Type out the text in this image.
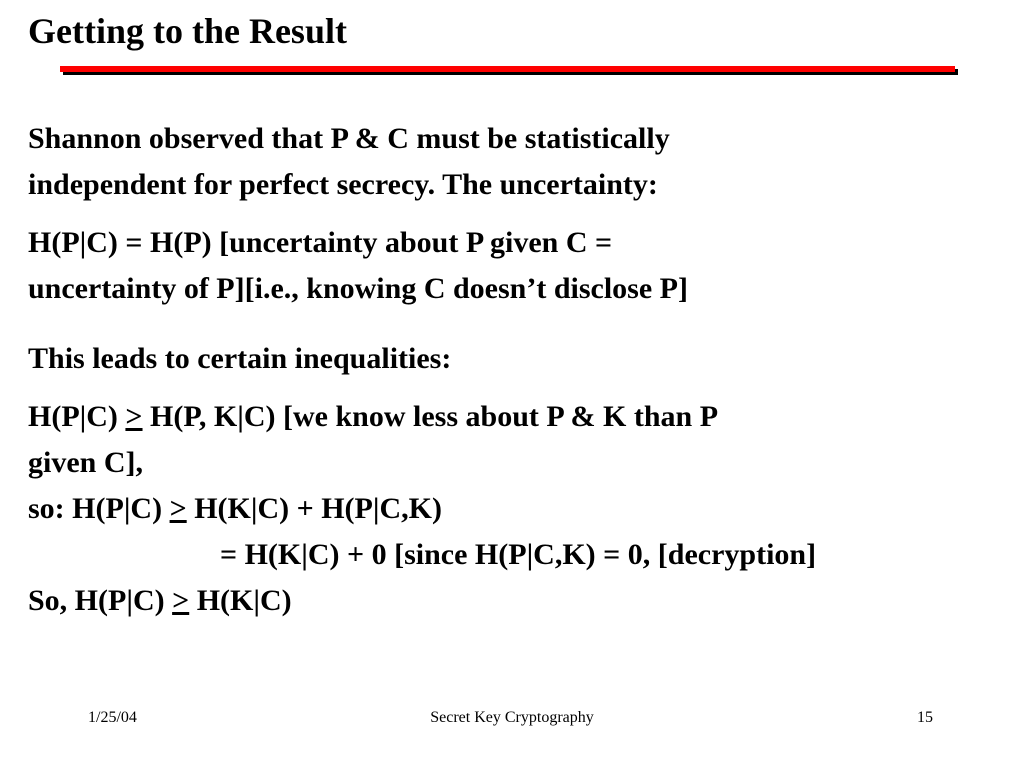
Getting to the Result
Shannon observed that P & C must be statistically
independent for perfect secrecy. The uncertainty:
H(P|C) = H(P) [uncertainty about P given C =
uncertainty of P][i.e., knowing C doesn’t disclose P]
This leads to certain inequalities:
H(P|C) ≥ H(P, K|C) [we know less about P & K than P
given C],
so: H(P|C) ≥ H(K|C) + H(P|C,K)
= H(K|C) + 0 [since H(P|C,K) = 0, [decryption]
So, H(P|C) ≥ H(K|C)
1/25/04	Secret Key Cryptography	15
